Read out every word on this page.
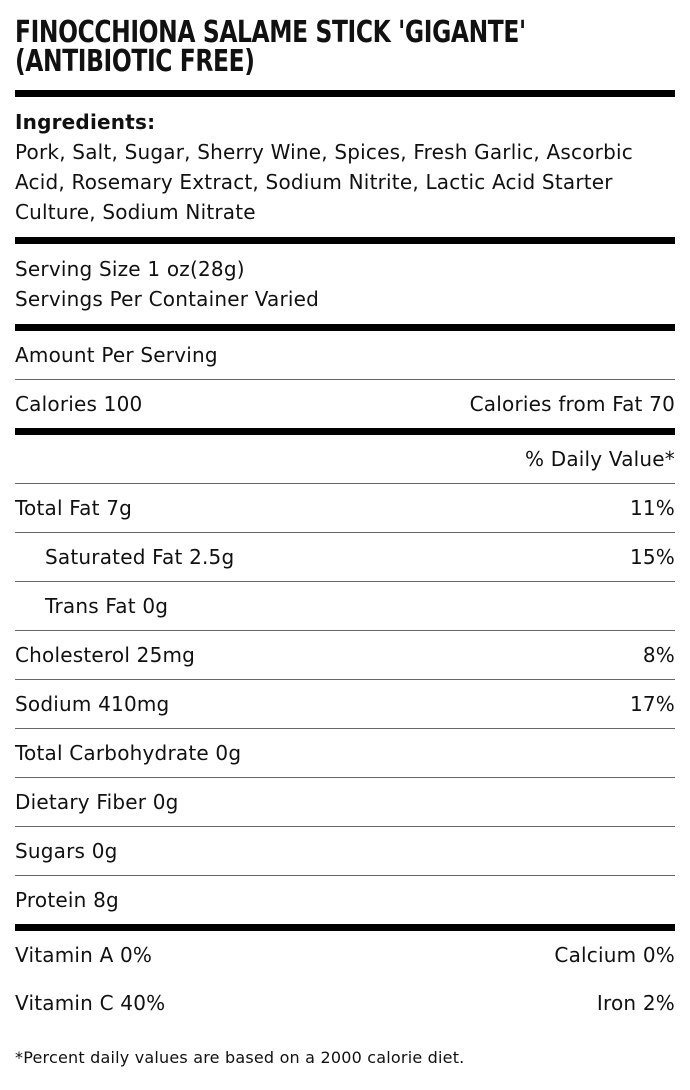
FINOCCHIONA SALAME STICK 'GIGANTE'
(ANTIBIOTIC FREE)
Ingredients:
Pork, Salt, Sugar, Sherry Wine, Spices, Fresh Garlic, Ascorbic Acid, Rosemary Extract, Sodium Nitrite, Lactic Acid Starter Culture, Sodium Nitrate
Serving Size 1 oz(28g)
Servings Per Container Varied
Amount Per Serving
Calories 100	Calories from Fat 70
% Daily Value*
Total Fat 7g	11%
Saturated Fat 2.5g	15%
Trans Fat 0g
Cholesterol 25mg	8%
Sodium 410mg	17%
Total Carbohydrate 0g
Dietary Fiber 0g
Sugars 0g
Protein 8g
Vitamin A 0%	Calcium 0%
Vitamin C 40%	Iron 2%
*Percent daily values are based on a 2000 calorie diet.
